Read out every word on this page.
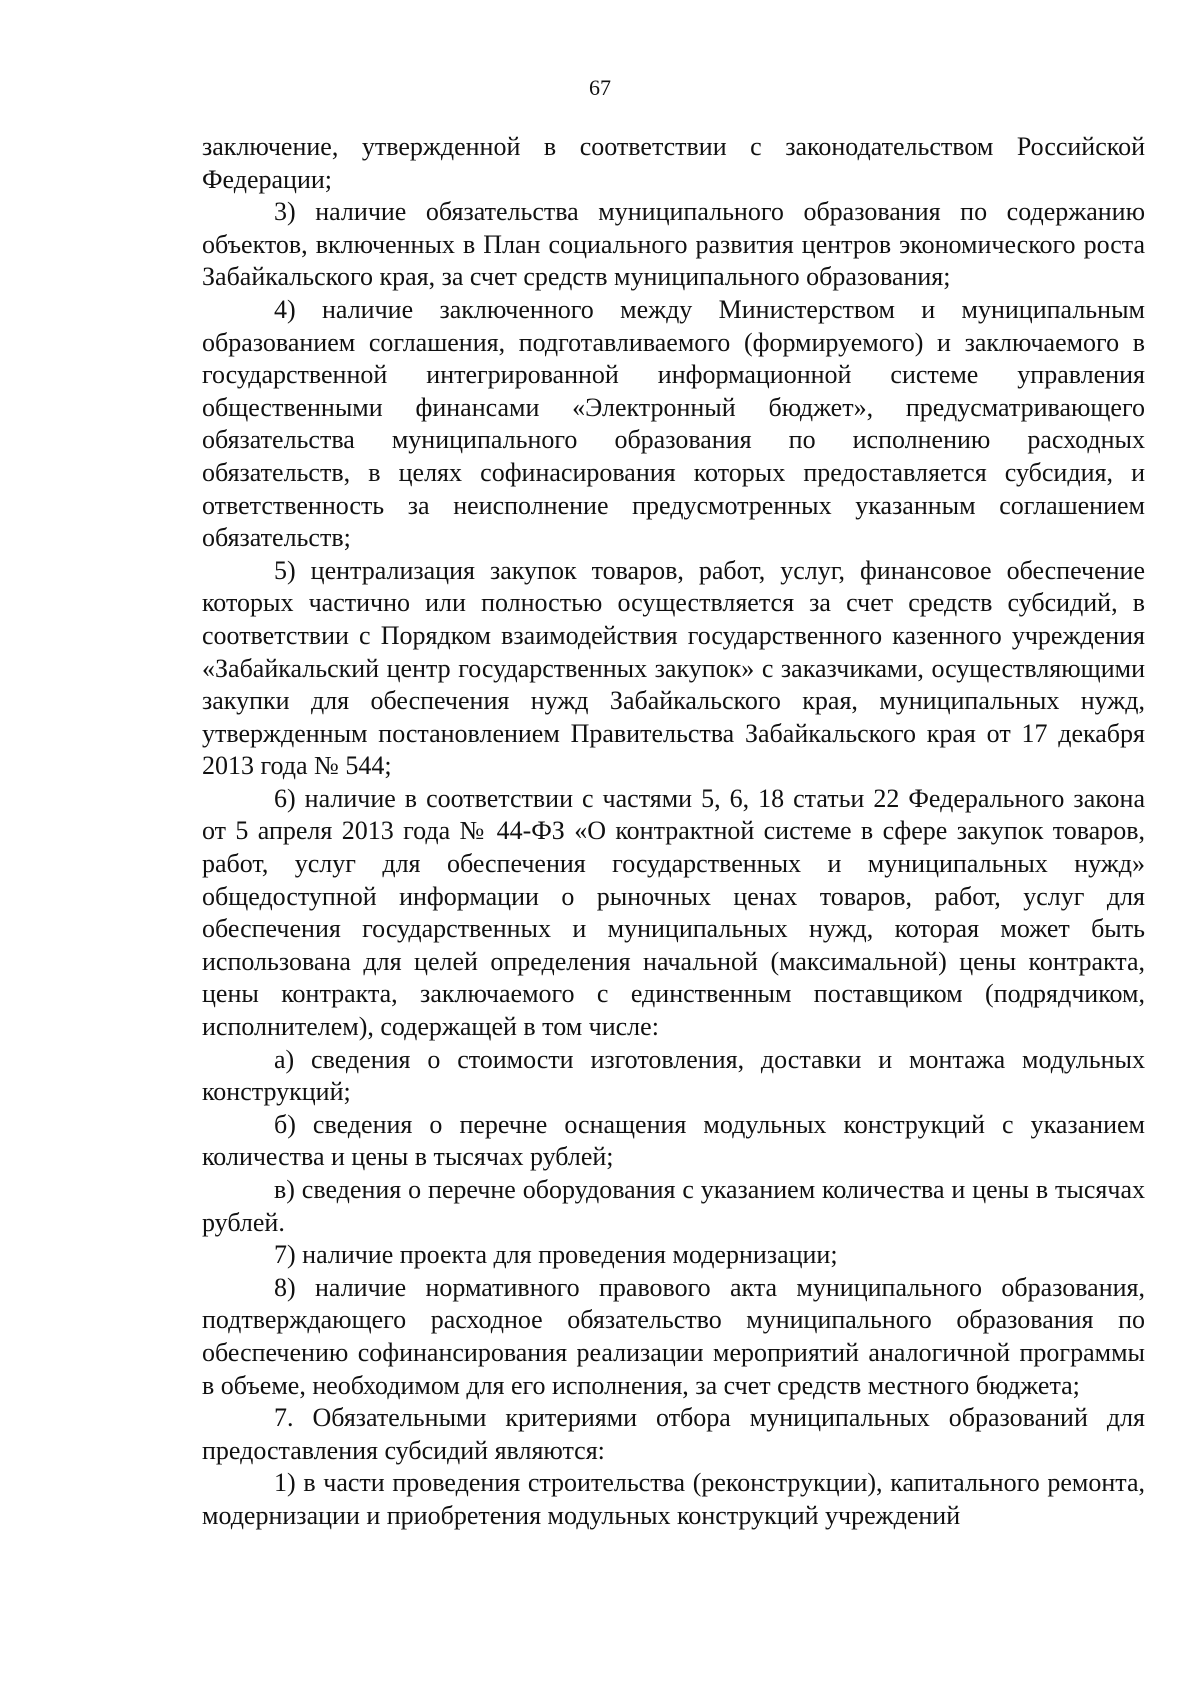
67

заключение, утвержденной в соответствии с законодательством Российской Федерации;

3) наличие обязательства муниципального образования по содержанию объектов, включенных в План социального развития центров экономического роста Забайкальского края, за счет средств муниципального образования;

4) наличие заключенного между Министерством и муниципальным образованием соглашения, подготавливаемого (формируемого) и заключаемого в государственной интегрированной информационной системе управления общественными финансами «Электронный бюджет», предусматривающего обязательства муниципального образования по исполнению расходных обязательств, в целях софинасирования которых предоставляется субсидия, и ответственность за неисполнение предусмотренных указанным соглашением обязательств;

5) централизация закупок товаров, работ, услуг, финансовое обеспечение которых частично или полностью осуществляется за счет средств субсидий, в соответствии с Порядком взаимодействия государственного казенного учреждения «Забайкальский центр государственных закупок» с заказчиками, осуществляющими закупки для обеспечения нужд Забайкальского края, муниципальных нужд, утвержденным постановлением Правительства Забайкальского края от 17 декабря 2013 года № 544;

6) наличие в соответствии с частями 5, 6, 18 статьи 22 Федерального закона от 5 апреля 2013 года № 44-ФЗ «О контрактной системе в сфере закупок товаров, работ, услуг для обеспечения государственных и муниципальных нужд» общедоступной информации о рыночных ценах товаров, работ, услуг для обеспечения государственных и муниципальных нужд, которая может быть использована для целей определения начальной (максимальной) цены контракта, цены контракта, заключаемого с единственным поставщиком (подрядчиком, исполнителем), содержащей в том числе:

а) сведения о стоимости изготовления, доставки и монтажа модульных конструкций;

б) сведения о перечне оснащения модульных конструкций с указанием количества и цены в тысячах рублей;

в) сведения о перечне оборудования с указанием количества и цены в тысячах рублей.

7) наличие проекта для проведения модернизации;

8) наличие нормативного правового акта муниципального образования, подтверждающего расходное обязательство муниципального образования по обеспечению софинансирования реализации мероприятий аналогичной программы в объеме, необходимом для его исполнения, за счет средств местного бюджета;

7. Обязательными критериями отбора муниципальных образований для предоставления субсидий являются:

1) в части проведения строительства (реконструкции), капитального ремонта, модернизации и приобретения модульных конструкций учреждений
